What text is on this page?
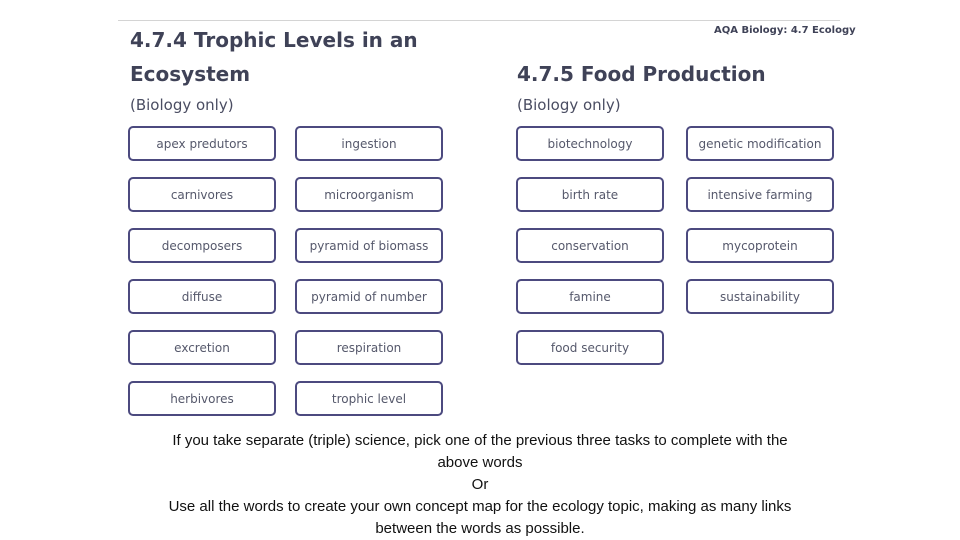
AQA Biology: 4.7 Ecology
4.7.4 Trophic Levels in an
Ecosystem
(Biology only)
apex predutors	ingestion
carnivores	microorganism
decomposers	pyramid of biomass
diffuse	pyramid of number
excretion	respiration
herbivores	trophic level
4.7.5 Food Production
(Biology only)
biotechnology	genetic modification
birth rate	intensive farming
conservation	mycoprotein
famine	sustainability
food security
If you take separate (triple) science, pick one of the previous three tasks to complete with the
above words
Or
Use all the words to create your own concept map for the ecology topic, making as many links
between the words as possible.
